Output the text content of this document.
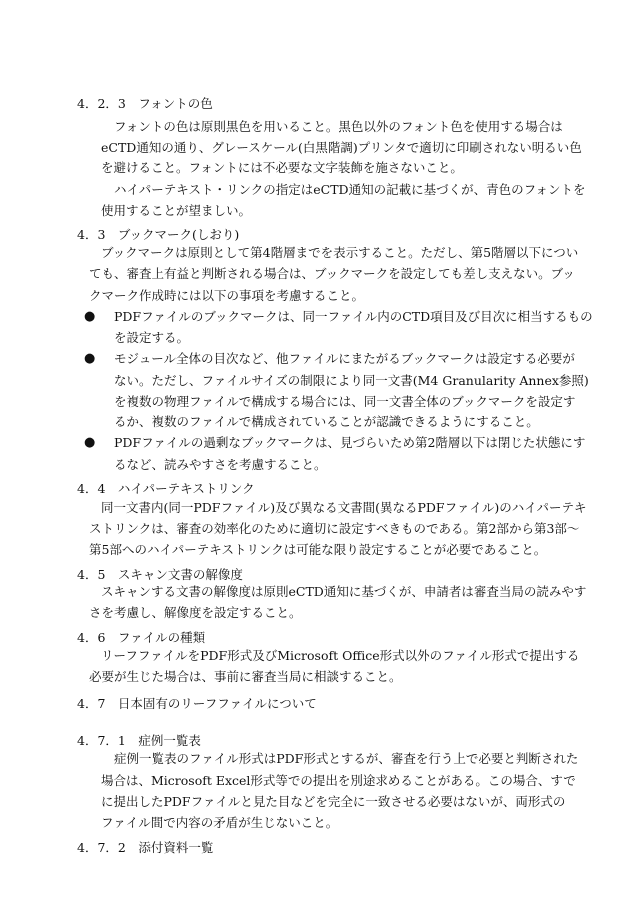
4．2．3　フォントの色
フォントの色は原則黒色を用いること。黒色以外のフォント色を使用する場合は
eCTD通知の通り、グレースケール(白黒階調)プリンタで適切に印刷されない明るい色
を避けること。フォントには不必要な文字装飾を施さないこと。
ハイパーテキスト・リンクの指定はeCTD通知の記載に基づくが、青色のフォントを
使用することが望ましい。
4．3　ブックマーク(しおり)
ブックマークは原則として第4階層までを表示すること。ただし、第5階層以下につい
ても、審査上有益と判断される場合は、ブックマークを設定しても差し支えない。ブッ
クマーク作成時には以下の事項を考慮すること。
● PDFファイルのブックマークは、同一ファイル内のCTD項目及び目次に相当するもの
を設定する。
● モジュール全体の目次など、他ファイルにまたがるブックマークは設定する必要が
ない。ただし、ファイルサイズの制限により同一文書(M4 Granularity Annex参照)
を複数の物理ファイルで構成する場合には、同一文書全体のブックマークを設定す
るか、複数のファイルで構成されていることが認識できるようにすること。
● PDFファイルの過剰なブックマークは、見づらいため第2階層以下は閉じた状態にす
るなど、読みやすさを考慮すること。
4．4　ハイパーテキストリンク
同一文書内(同一PDFファイル)及び異なる文書間(異なるPDFファイル)のハイパーテキ
ストリンクは、審査の効率化のために適切に設定すべきものである。第2部から第3部～
第5部へのハイパーテキストリンクは可能な限り設定することが必要であること。
4．5　スキャン文書の解像度
スキャンする文書の解像度は原則eCTD通知に基づくが、申請者は審査当局の読みやす
さを考慮し、解像度を設定すること。
4．6　ファイルの種類
リーフファイルをPDF形式及びMicrosoft Office形式以外のファイル形式で提出する
必要が生じた場合は、事前に審査当局に相談すること。
4．7　日本固有のリーフファイルについて
4．7．1　症例一覧表
症例一覧表のファイル形式はPDF形式とするが、審査を行う上で必要と判断された
場合は、Microsoft Excel形式等での提出を別途求めることがある。この場合、すで
に提出したPDFファイルと見た目などを完全に一致させる必要はないが、両形式の
ファイル間で内容の矛盾が生じないこと。
4．7．2　添付資料一覧
